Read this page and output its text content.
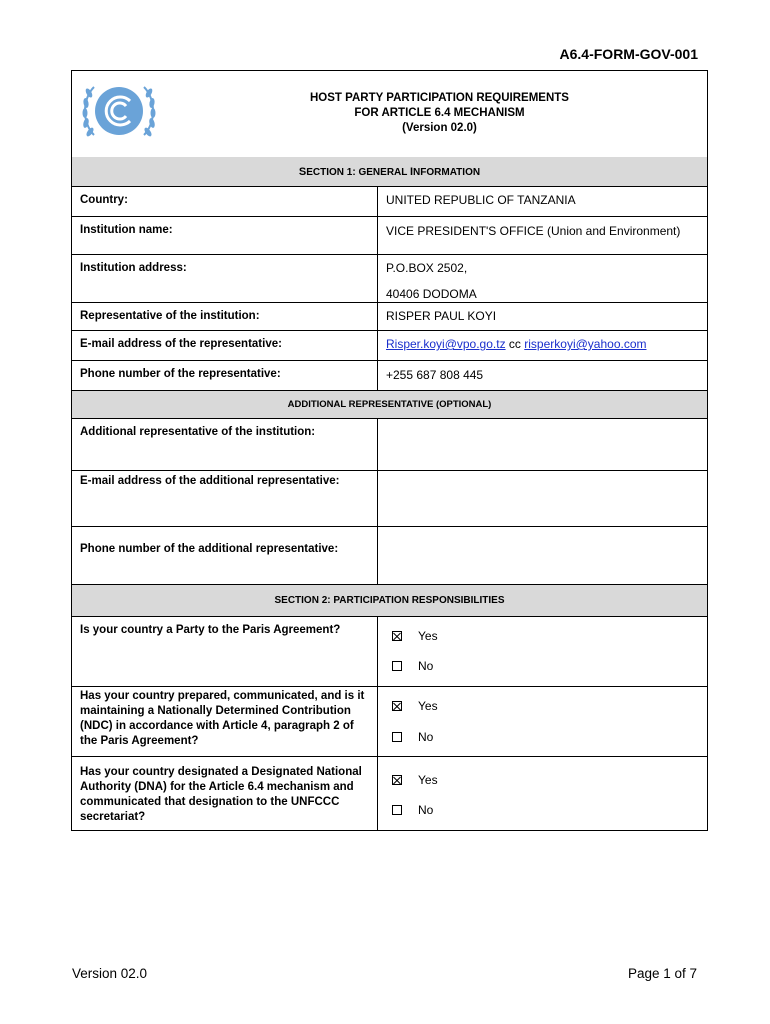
A6.4-FORM-GOV-001
HOST PARTY PARTICIPATION REQUIREMENTS
FOR ARTICLE 6.4 MECHANISM
(Version 02.0)
SECTION 1: GENERAL INFORMATION
Country:	UNITED REPUBLIC OF TANZANIA
Institution name:	VICE PRESIDENT'S OFFICE (Union and Environment)
Institution address:	P.O.BOX 2502,
40406 DODOMA
Representative of the institution:	RISPER PAUL KOYI
E-mail address of the representative:	Risper.koyi@vpo.go.tz cc risperkoyi@yahoo.com
Phone number of the representative:	+255 687 808 445
ADDITIONAL REPRESENTATIVE (OPTIONAL)
Additional representative of the institution:
E-mail address of the additional representative:
Phone number of the additional representative:
SECTION 2: PARTICIPATION RESPONSIBILITIES
Is your country a Party to the Paris Agreement?	Yes
No
Has your country prepared, communicated, and is it maintaining a Nationally Determined Contribution (NDC) in accordance with Article 4, paragraph 2 of the Paris Agreement?
Yes
No
Has your country designated a Designated National Authority (DNA) for the Article 6.4 mechanism and communicated that designation to the UNFCCC secretariat?
Yes
No
Version 02.0	Page 1 of 7
